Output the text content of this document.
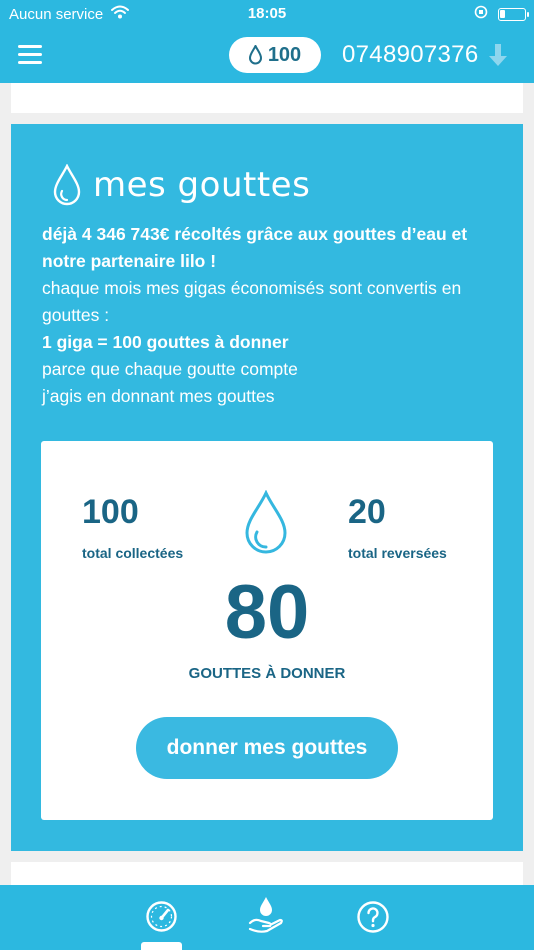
Aucun service	18:05
100 0748907376
mes gouttes
déjà 4 346 743€ récoltés grâce aux gouttes d’eau et notre partenaire lilo !
chaque mois mes gigas économisés sont convertis en gouttes :
1 giga = 100 gouttes à donner
parce que chaque goutte compte
j’agis en donnant mes gouttes
100
total collectées
20
total reversées
80
GOUTTES À DONNER
donner mes gouttes
